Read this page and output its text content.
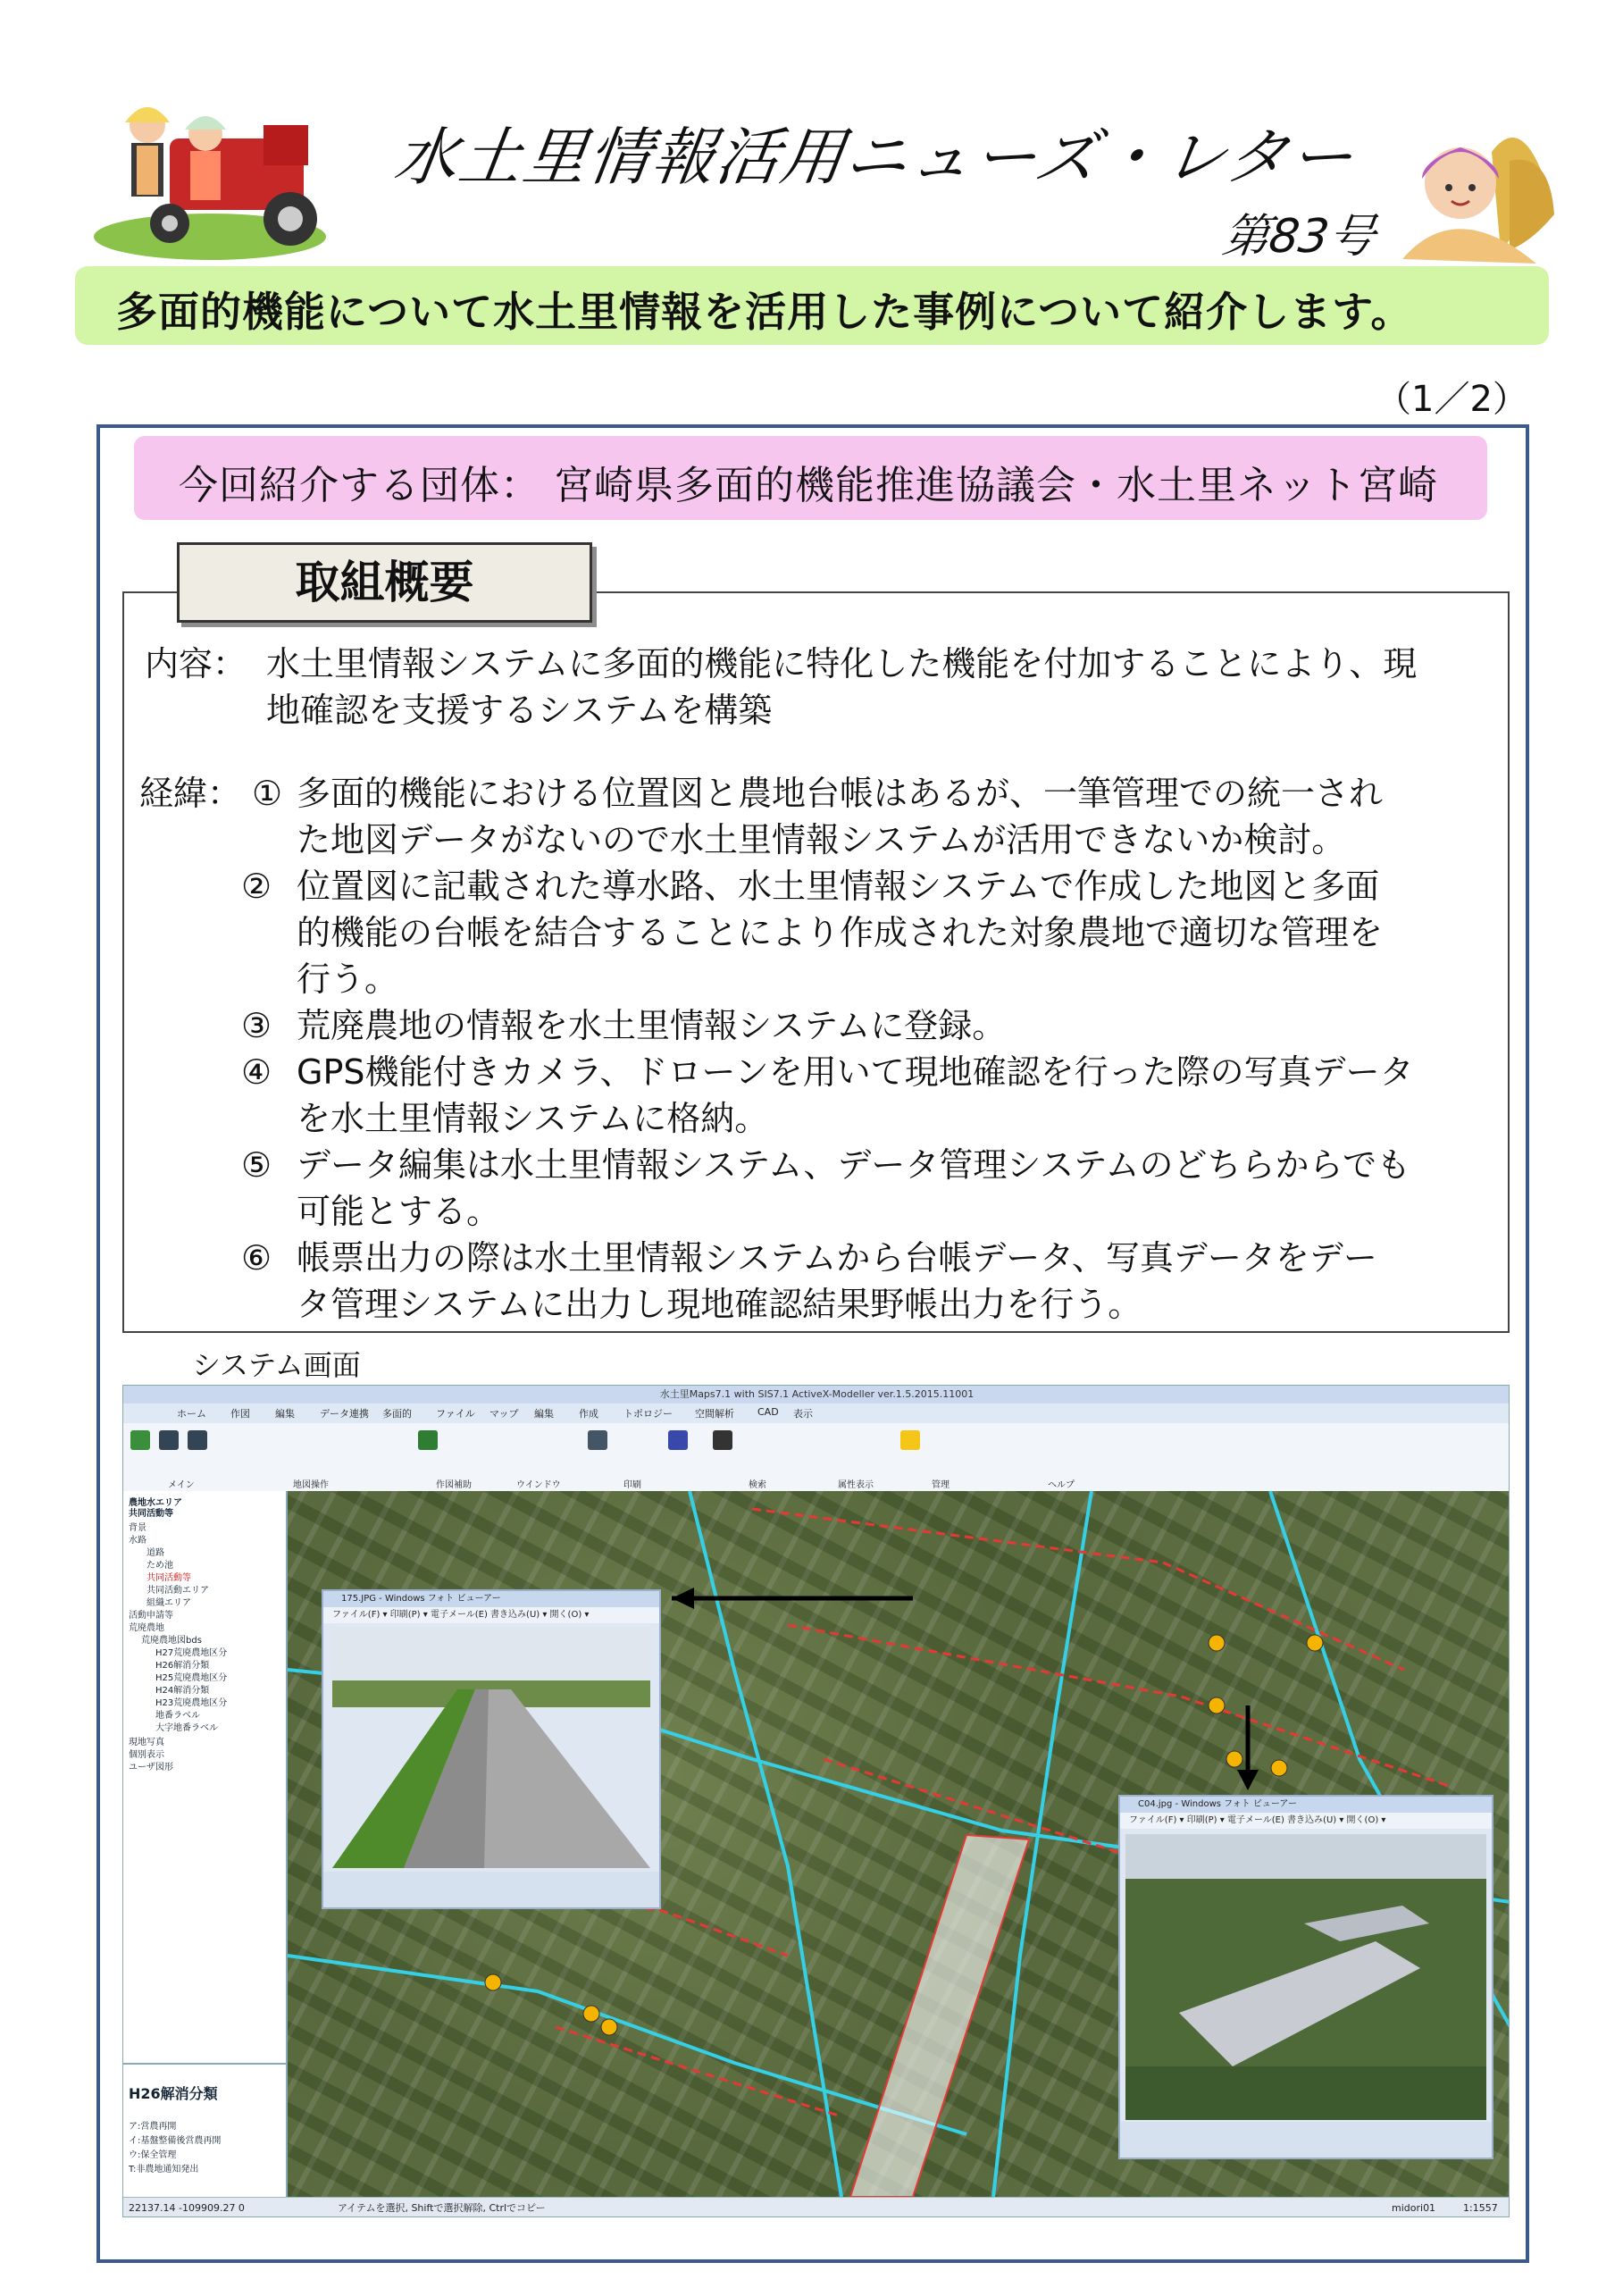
水土里情報活用ニューズ・レター
第83号
多面的機能について水土里情報を活用した事例について紹介します。
（1／2）
今回紹介する団体： 宮崎県多面的機能推進協議会・水土里ネット宮崎
取組概要
内容： 水土里情報システムに多面的機能に特化した機能を付加することにより、現
地確認を支援するシステムを構築
経緯： ① 多面的機能における位置図と農地台帳はあるが、一筆管理での統一され
た地図データがないので水土里情報システムが活用できないか検討。
② 位置図に記載された導水路、水土里情報システムで作成した地図と多面
的機能の台帳を結合することにより作成された対象農地で適切な管理を
行う。
③ 荒廃農地の情報を水土里情報システムに登録。
④ GPS機能付きカメラ、ドローンを用いて現地確認を行った際の写真データ
を水土里情報システムに格納。
⑤ データ編集は水土里情報システム、データ管理システムのどちらからでも
可能とする。
⑥ 帳票出力の際は水土里情報システムから台帳データ、写真データをデー
タ管理システムに出力し現地確認結果野帳出力を行う。
システム画面
水土里Maps7.1 with SIS7.1 ActiveX-Modeller ver.1.5.2015.11001
ホーム 作図	編集	データ連携 多面的 ファイル マップ 編集	作成	トポロジー 空間解析 CAD 表示
メイン	地図操作	作図補助	ウインドウ	印刷	検索	属性表示	管理	ヘルプ
農地水エリア
共同活動等
背景
水路
道路
ため池
共同活動等
共同活動エリア
組織エリア
活動申請等
荒廃農地
荒廃農地図bds
H27荒廃農地区分
H26解消分類
H25荒廃農地区分
H24解消分類
H23荒廃農地区分
地番ラベル
大字地番ラベル
現地写真
個別表示
ユーザ図形
H26解消分類
ア:営農再開
イ:基盤整備後営農再開
ウ:保全管理
T:非農地通知発出
175.JPG - Windows フォト ビューアー
ファイル(F) ▾ 印刷(P) ▾ 電子メール(E) 書き込み(U) ▾ 開く(O) ▾
C04.jpg - Windows フォト ビューアー
ファイル(F) ▾ 印刷(P) ▾ 電子メール(E) 書き込み(U) ▾ 開く(O) ▾
22137.14 -109909.27 0	アイテムを選択, Shiftで選択解除, Ctrlでコピー	midori01	1:1557
